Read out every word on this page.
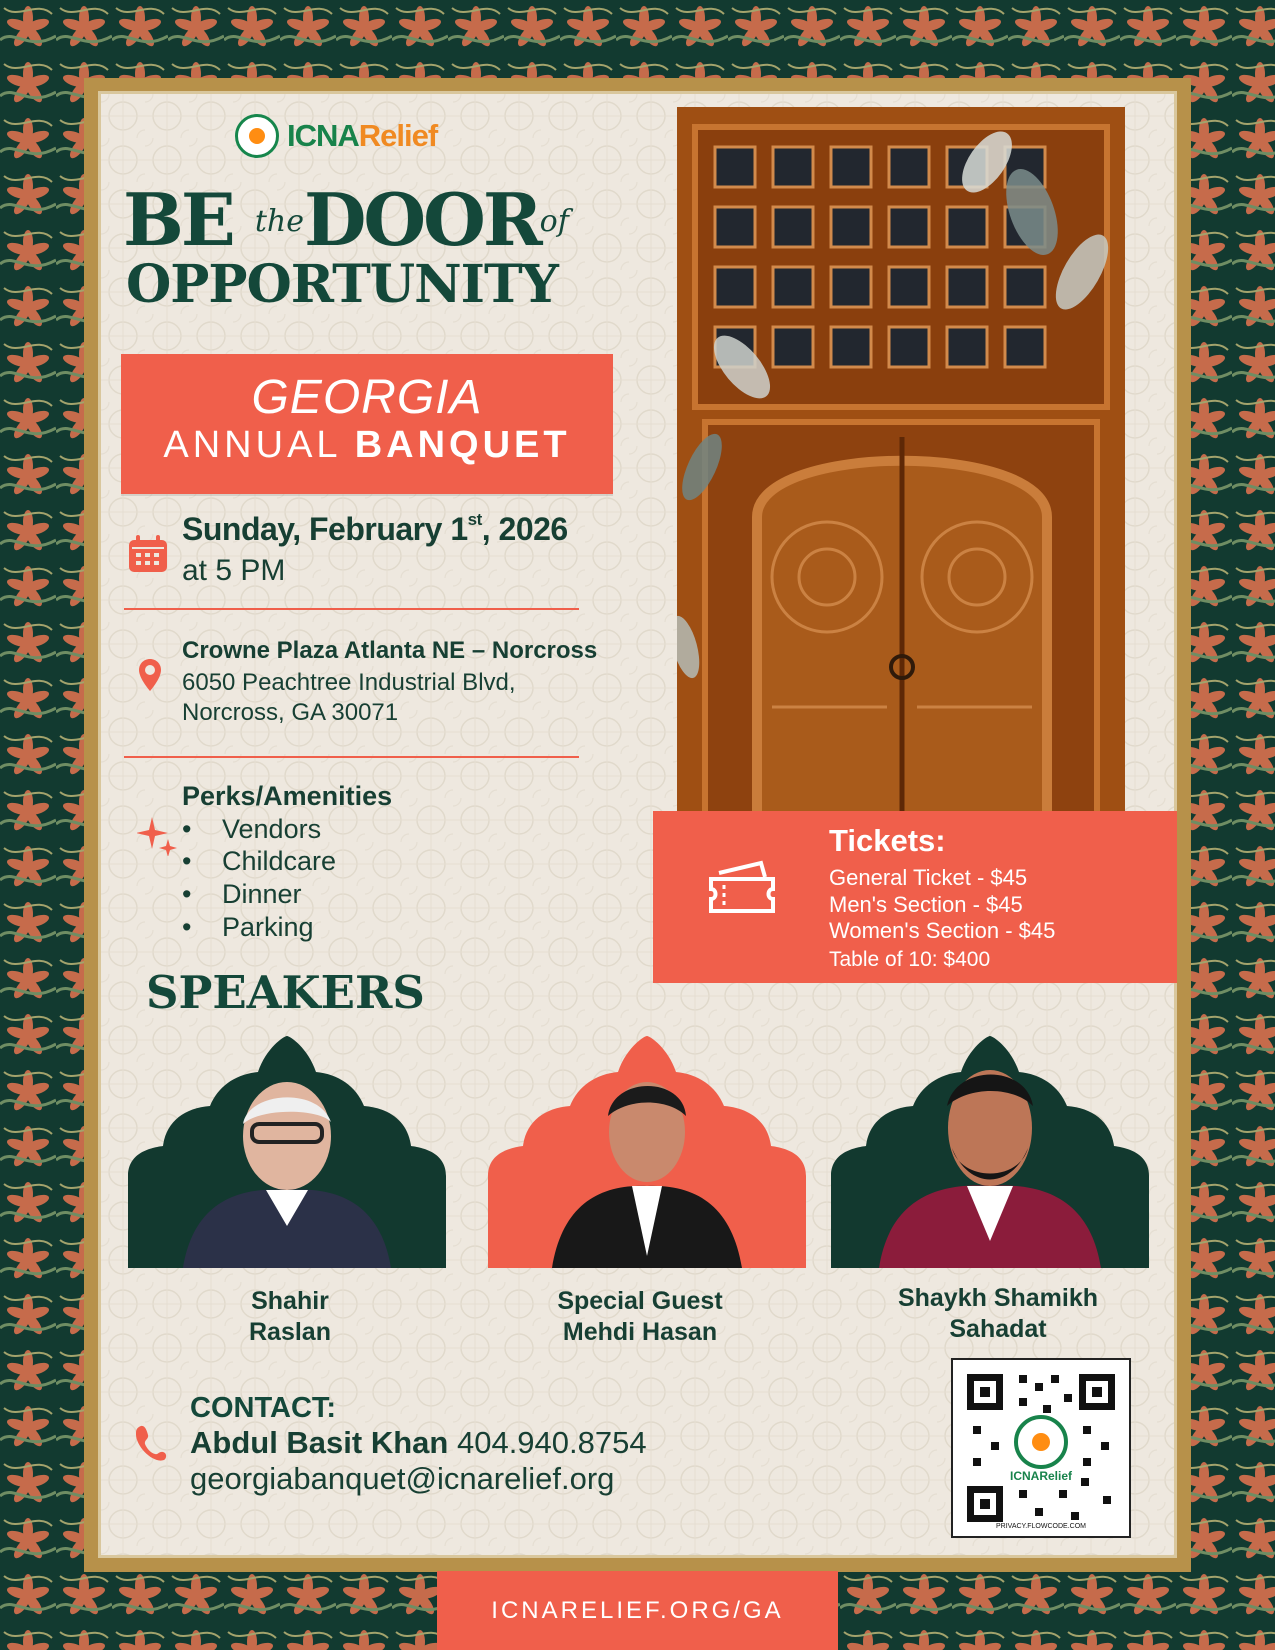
ICNARelief
BE theDOORof
OPPORTUNITY
GEORGIA
ANNUAL BANQUET
Sunday, February 1st, 2026
at 5 PM
Crowne Plaza Atlanta NE – Norcross
6050 Peachtree Industrial Blvd,
Norcross, GA 30071
Perks/Amenities
• Vendors
• Childcare
• Dinner
• Parking
Tickets:
General Ticket - $45
Men's Section - $45
Women's Section - $45
Table of 10: $400
SPEAKERS
Shahir
Raslan
Special Guest
Mehdi Hasan
Shaykh Shamikh
Sahadat
CONTACT:
Abdul Basit Khan 404.940.8754
georgiabanquet@icnarelief.org	ICNARelief
PRIVACY.FLOWCODE.COM
ICNARELIEF.ORG/GA
